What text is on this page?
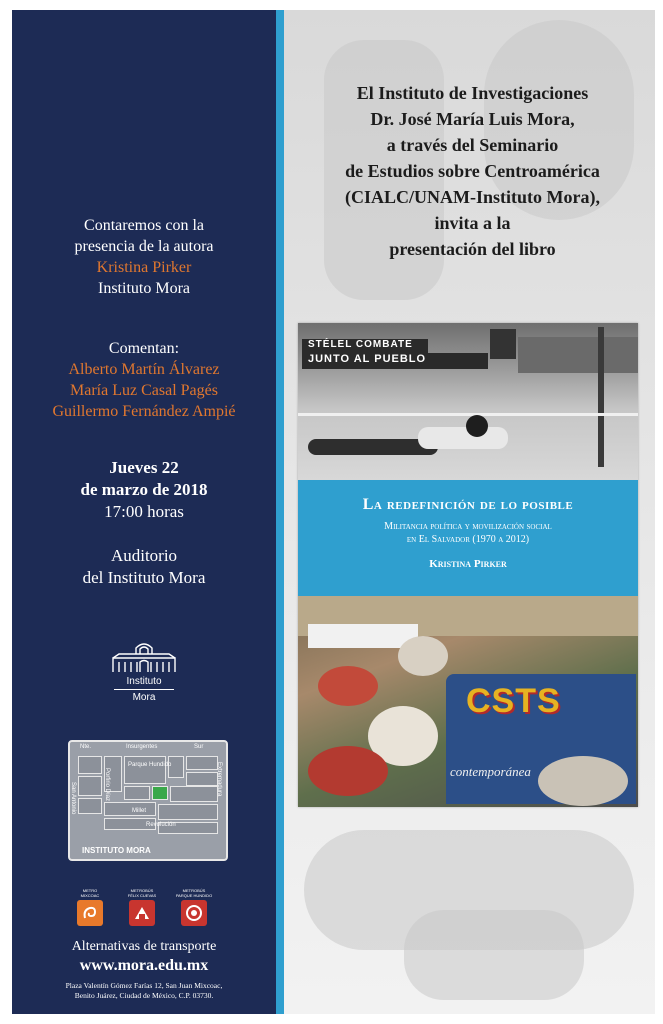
Contaremos con la
presencia de la autora
Kristina Pirker
Instituto Mora
Comentan:
Alberto Martín Álvarez
María Luz Casal Pagés
Guillermo Fernández Ampié
Jueves 22
de marzo de 2018
17:00 horas
Auditorio
del Instituto Mora
Instituto
Mora
Nte.	Insurgentes	Sur
Parque Hundido
San Antonio	Porfirio Díaz
Revolución
Extremadura
Millet
INSTITUTO MORA
METRO
MIXCOAC
METROBÚS
FÉLIX CUEVAS
METROBÚS
PARQUE HUNDIDO
Alternativas de transporte
www.mora.edu.mx
Plaza Valentín Gómez Farías 12, San Juan Mixcoac,
Benito Juárez, Ciudad de México, C.P. 03730.
El Instituto de Investigaciones
Dr. José María Luis Mora,
a través del Seminario
de Estudios sobre Centroamérica
(CIALC/UNAM-Instituto Mora),
invita a la
presentación del libro
STÉLEL COMBATE
JUNTO AL PUEBLO
La redefinición de lo posible
Militancia política y movilización social
en El Salvador (1970 a 2012)
Kristina Pirker
CSTS
contemporánea
